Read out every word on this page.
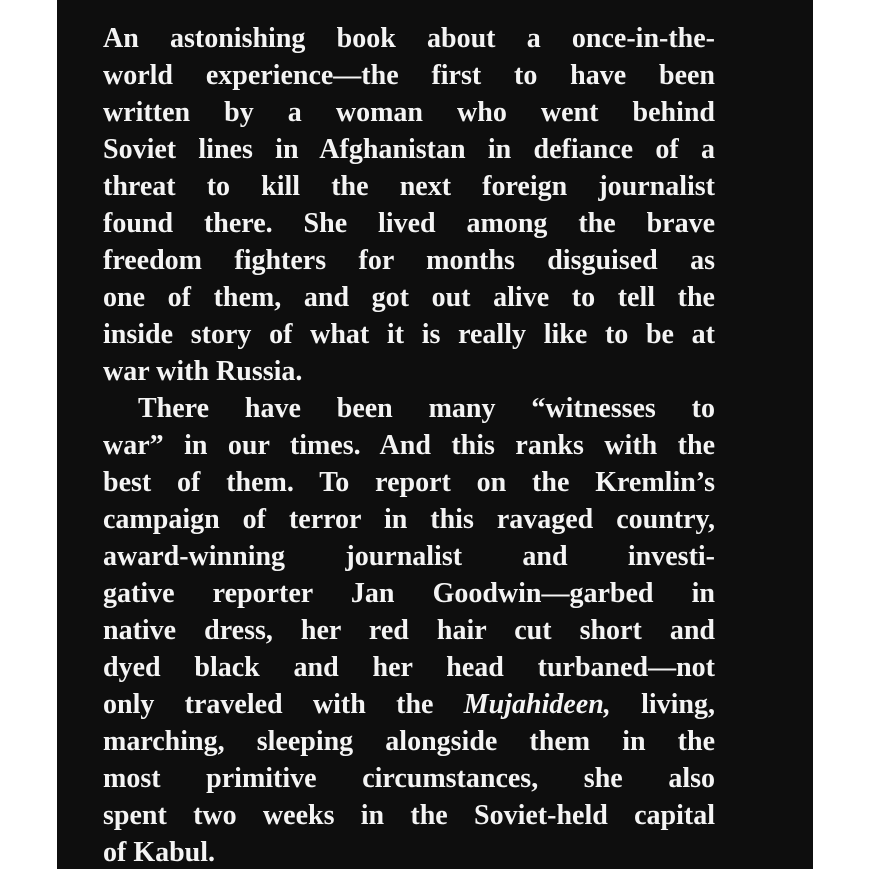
An astonishing book about a once-in-the-
world experience—the first to have been
written by a woman who went behind
Soviet lines in Afghanistan in defiance of a
threat to kill the next foreign journalist
found there. She lived among the brave
freedom fighters for months disguised as
one of them, and got out alive to tell the
inside story of what it is really like to be at
war with Russia.
There have been many “witnesses to
war” in our times. And this ranks with the
best of them. To report on the Kremlin’s
campaign of terror in this ravaged country,
award-winning journalist and investi-
gative reporter Jan Goodwin—garbed in
native dress, her red hair cut short and
dyed black and her head turbaned—not
only traveled with the Mujahideen, living,
marching, sleeping alongside them in the
most primitive circumstances, she also
spent two weeks in the Soviet-held capital
of Kabul.
